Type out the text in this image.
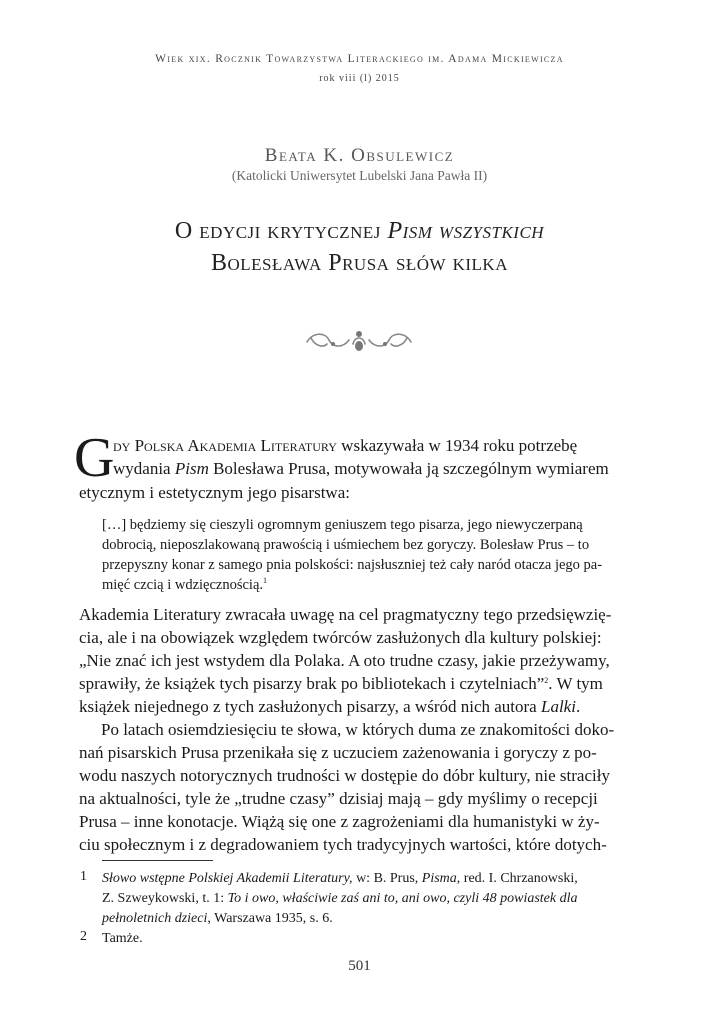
Wiek xix. Rocznik Towarzystwa Literackiego im. Adama Mickiewicza
rok viii (l) 2015
Beata K. Obsulewicz
(Katolicki Uniwersytet Lubelski Jana Pawła II)
O edycji krytycznej Pism wszystkich
Bolesława Prusa słów kilka
G
dy Polska Akademia Literatury wskazywała w 1934 roku potrzebę
wydania Pism Bolesława Prusa, motywowała ją szczególnym wymiarem
etycznym i estetycznym jego pisarstwa:
[…] będziemy się cieszyli ogromnym geniuszem tego pisarza, jego niewyczerpaną
dobrocią, nieposzlakowaną prawością i uśmiechem bez goryczy. Bolesław Prus – to
przepyszny konar z samego pnia polskości: najsłuszniej też cały naród otacza jego pa-
mięć czcią i wdzięcznością.$^1$
Akademia Literatury zwracała uwagę na cel pragmatyczny tego przedsięwzię-
cia, ale i na obowiązek względem twórców zasłużonych dla kultury polskiej:
„Nie znać ich jest wstydem dla Polaka. A oto trudne czasy, jakie przeżywamy,
sprawiły, że książek tych pisarzy brak po bibliotekach i czytelniach”$^2$. W tym
książek niejednego z tych zasłużonych pisarzy, a wśród nich autora Lalki.
Po latach osiemdziesięciu te słowa, w których duma ze znakomitości doko-
nań pisarskich Prusa przenikała się z uczuciem zażenowania i goryczy z po-
wodu naszych notorycznych trudności w dostępie do dóbr kultury, nie straciły
na aktualności, tyle że „trudne czasy” dzisiaj mają – gdy myślimy o recepcji
Prusa – inne konotacje. Wiążą się one z zagrożeniami dla humanistyki w ży-
ciu społecznym i z degradowaniem tych tradycyjnych wartości, które dotych-
1 Słowo wstępne Polskiej Akademii Literatury, w: B. Prus, Pisma, red. I. Chrzanowski,
Z. Szweykowski, t. 1: To i owo, właściwie zaś ani to, ani owo, czyli 48 powiastek dla
pełnoletnich dzieci, Warszawa 1935, s. 6.
2 Tamże.
501
